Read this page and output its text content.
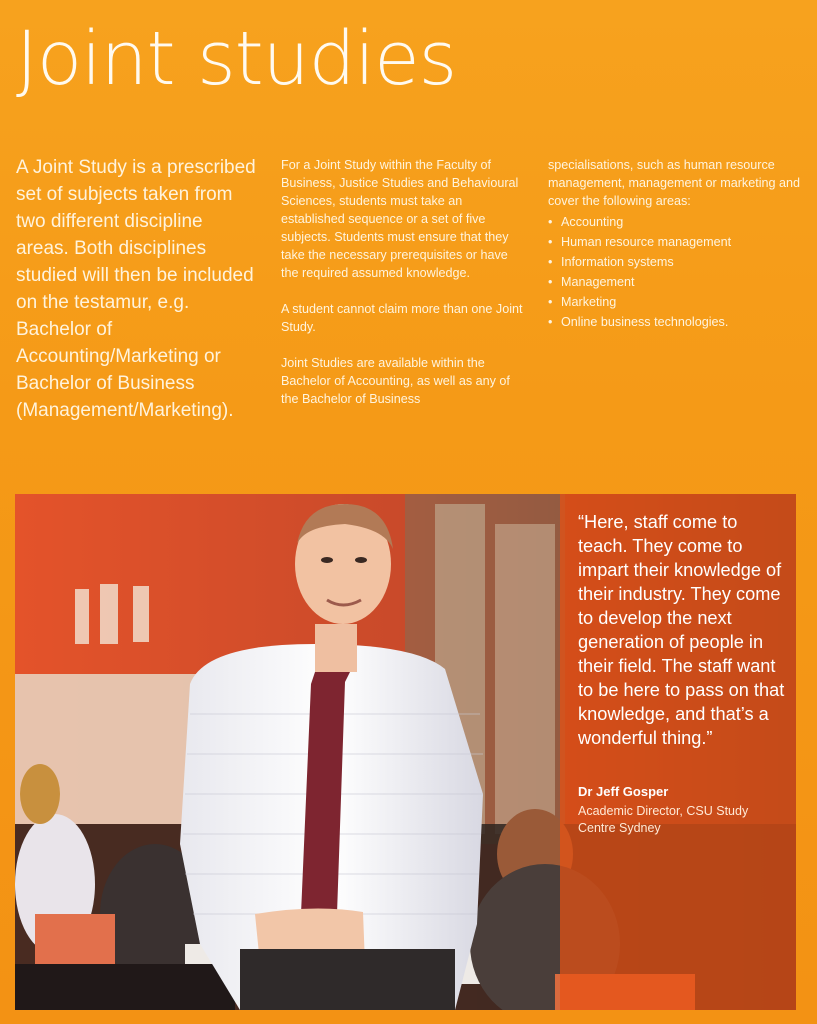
Joint studies
A Joint Study is a prescribed set of subjects taken from two different discipline areas. Both disciplines studied will then be included on the testamur, e.g. Bachelor of Accounting/Marketing or Bachelor of Business (Management/Marketing).

For a Joint Study within the Faculty of Business, Justice Studies and Behavioural Sciences, students must take an established sequence or a set of five subjects. Students must ensure that they take the necessary prerequisites or have the required assumed knowledge.

A student cannot claim more than one Joint Study.

Joint Studies are available within the Bachelor of Accounting, as well as any of the Bachelor of Business

specialisations, such as human resource management, management or marketing and cover the following areas:

• Accounting
• Human resource management
• Information systems
• Management
• Marketing
• Online business technologies.

“Here, staff come to teach. They come to impart their knowledge of their industry. They come to develop the next generation of people in their field. The staff want to be here to pass on that knowledge, and that’s a wonderful thing.”

Dr Jeff Gosper
Academic Director, CSU Study Centre Sydney
